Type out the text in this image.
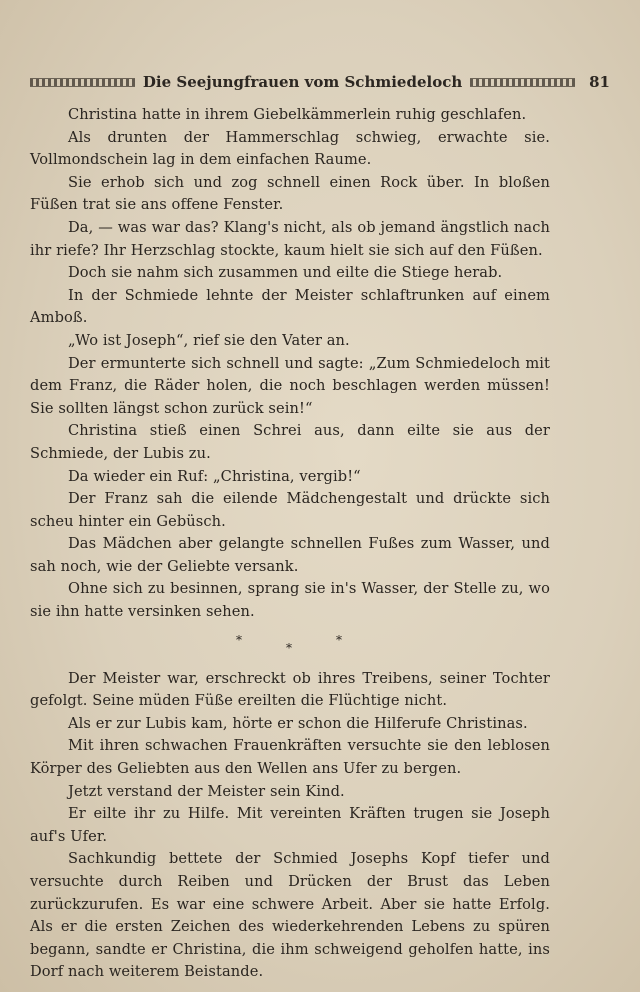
Die Seejungfrauen vom Schmiedeloch	81

Christina hatte in ihrem Giebelkämmerlein ruhig geschlafen.

Als drunten der Hammerschlag schwieg, erwachte sie. Vollmondschein lag in dem einfachen Raume.

Sie erhob sich und zog schnell einen Rock über. In bloßen Füßen trat sie ans offene Fenster.

Da, — was war das? Klang's nicht, als ob jemand ängstlich nach ihr riefe? Ihr Herzschlag stockte, kaum hielt sie sich auf den Füßen.

Doch sie nahm sich zusammen und eilte die Stiege herab.

In der Schmiede lehnte der Meister schlaftrunken auf einem Amboß.

„Wo ist Joseph“, rief sie den Vater an.

Der ermunterte sich schnell und sagte: „Zum Schmiedeloch mit dem Franz, die Räder holen, die noch beschlagen werden müssen! Sie sollten längst schon zurück sein!“

Christina stieß einen Schrei aus, dann eilte sie aus der Schmiede, der Lubis zu.

Da wieder ein Ruf: „Christina, vergib!“

Der Franz sah die eilende Mädchengestalt und drückte sich scheu hinter ein Gebüsch.

Das Mädchen aber gelangte schnellen Fußes zum Wasser, und sah noch, wie der Geliebte versank.

Ohne sich zu besinnen, sprang sie in's Wasser, der Stelle zu, wo sie ihn hatte versinken sehen.

*
*
*

Der Meister war, erschreckt ob ihres Treibens, seiner Tochter gefolgt. Seine müden Füße ereilten die Flüchtige nicht.

Als er zur Lubis kam, hörte er schon die Hilferufe Christinas.

Mit ihren schwachen Frauenkräften versuchte sie den leblosen Körper des Geliebten aus den Wellen ans Ufer zu bergen.

Jetzt verstand der Meister sein Kind.

Er eilte ihr zu Hilfe. Mit vereinten Kräften trugen sie Joseph auf's Ufer.

Sachkundig bettete der Schmied Josephs Kopf tiefer und versuchte durch Reiben und Drücken der Brust das Leben zurückzurufen. Es war eine schwere Arbeit. Aber sie hatte Erfolg. Als er die ersten Zeichen des wiederkehrenden Lebens zu spüren begann, sandte er Christina, die ihm schweigend geholfen hatte, ins Dorf nach weiterem Beistande.
